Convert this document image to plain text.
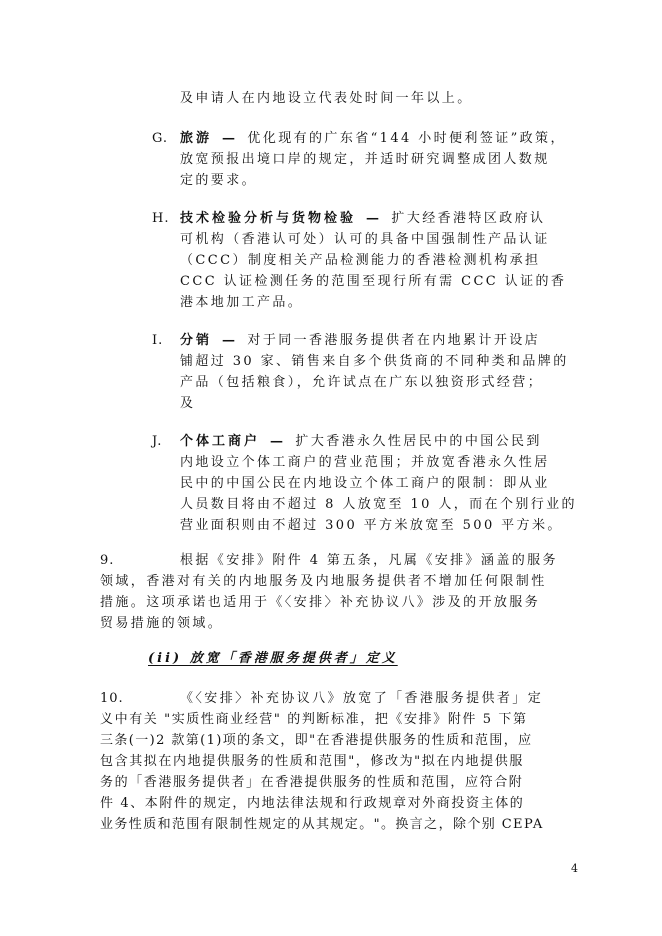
及申请人在内地设立代表处时间一年以上。
G. 旅游 — 优化现有的广东省“144 小时便利签证”政策，
放宽预报出境口岸的规定，并适时研究调整成团人数规
定的要求。
H. 技术检验分析与货物检验 — 扩大经香港特区政府认
可机构（香港认可处）认可的具备中国强制性产品认证
（CCC）制度相关产品检测能力的香港检测机构承担
CCC 认证检测任务的范围至现行所有需 CCC 认证的香
港本地加工产品。
I. 分销 — 对于同一香港服务提供者在内地累计开设店
铺超过 30 家、销售来自多个供货商的不同种类和品牌的
产品（包括粮食），允许试点在广东以独资形式经营；
及
J. 个体工商户 — 扩大香港永久性居民中的中国公民到
内地设立个体工商户的营业范围；并放宽香港永久性居
民中的中国公民在内地设立个体工商户的限制：即从业
人员数目将由不超过 8 人放宽至 10 人，而在个别行业的
营业面积则由不超过 300 平方米放宽至 500 平方米。
9.	根据《安排》附件 4 第五条，凡属《安排》涵盖的服务
领域，香港对有关的内地服务及内地服务提供者不增加任何限制性
措施。这项承诺也适用于《〈安排〉补充协议八》涉及的开放服务
贸易措施的领域。
(ii) 放宽「香港服务提供者」定义
10.	《〈安排〉补充协议八》放宽了「香港服务提供者」定
义中有关 "实质性商业经营" 的判断标准，把《安排》附件 5 下第
三条(一)2 款第(1)项的条文，即"在香港提供服务的性质和范围，应
包含其拟在内地提供服务的性质和范围"，修改为"拟在内地提供服
务的「香港服务提供者」在香港提供服务的性质和范围，应符合附
件 4、本附件的规定，内地法律法规和行政规章对外商投资主体的
业务性质和范围有限制性规定的从其规定。"。换言之，除个别 CEPA
4
